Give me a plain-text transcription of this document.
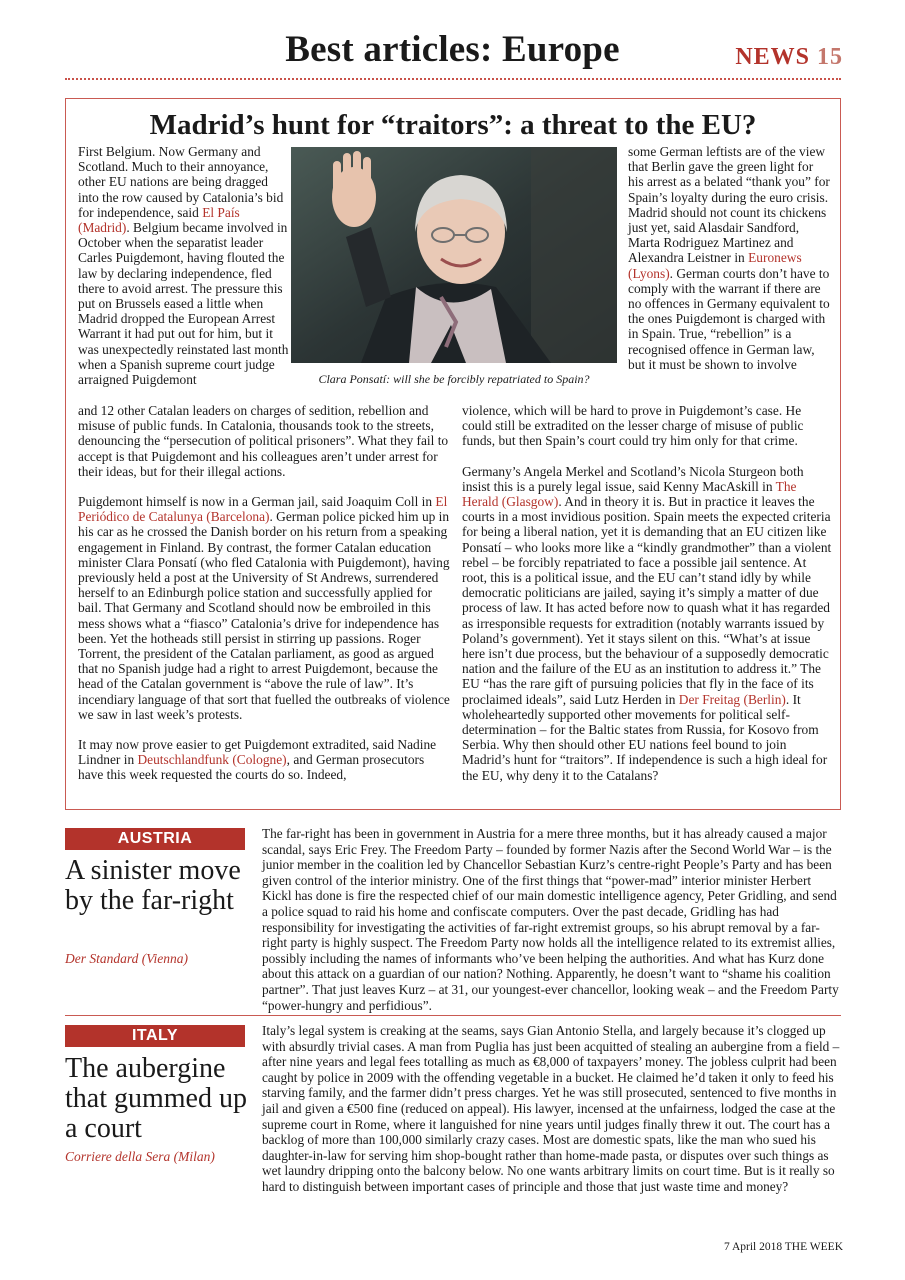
Best articles: Europe	NEWS 15
Madrid’s hunt for “traitors”: a threat to the EU?

First Belgium. Now Germany and Scotland. Much to their annoyance, other EU nations are being dragged into the row caused by Catalonia’s bid for independence, said El País (Madrid). Belgium became involved in October when the separatist leader Carles Puigdemont, having flouted the law by declaring independence, fled there to avoid arrest. The pressure this put on Brussels eased a little when Madrid dropped the European Arrest Warrant it had put out for him, but it was unexpectedly reinstated last month when a Spanish supreme court judge arraigned Puigdemont	Clara Ponsatí: will she be forcibly repatriated to Spain?

some German leftists are of the view that Berlin gave the green light for his arrest as a belated “thank you” for Spain’s loyalty during the euro crisis. Madrid should not count its chickens just yet, said Alasdair Sandford, Marta Rodriguez Martinez and Alexandra Leistner in Euronews (Lyons). German courts don’t have to comply with the warrant if there are no offences in Germany equivalent to the ones Puigdemont is charged with in Spain. True, “rebellion” is a recognised offence in German law, but it must be shown to involve

and 12 other Catalan leaders on charges of sedition, rebellion and misuse of public funds. In Catalonia, thousands took to the streets, denouncing the “persecution of political prisoners”. What they fail to accept is that Puigdemont and his colleagues aren’t under arrest for their ideas, but for their illegal actions.

Puigdemont himself is now in a German jail, said Joaquim Coll in El Periódico de Catalunya (Barcelona). German police picked him up in his car as he crossed the Danish border on his return from a speaking engagement in Finland. By contrast, the former Catalan education minister Clara Ponsatí (who fled Catalonia with Puigdemont), having previously held a post at the University of St Andrews, surrendered herself to an Edinburgh police station and successfully applied for bail. That Germany and Scotland should now be embroiled in this mess shows what a “fiasco” Catalonia’s drive for independence has been. Yet the hotheads still persist in stirring up passions. Roger Torrent, the president of the Catalan parliament, as good as argued that no Spanish judge had a right to arrest Puigdemont, because the head of the Catalan government is “above the rule of law”. It’s incendiary language of that sort that fuelled the outbreaks of violence we saw in last week’s protests.

It may now prove easier to get Puigdemont extradited, said Nadine Lindner in Deutschlandfunk (Cologne), and German prosecutors have this week requested the courts do so. Indeed,

violence, which will be hard to prove in Puigdemont’s case. He could still be extradited on the lesser charge of misuse of public funds, but then Spain’s court could try him only for that crime.

Germany’s Angela Merkel and Scotland’s Nicola Sturgeon both insist this is a purely legal issue, said Kenny MacAskill in The Herald (Glasgow). And in theory it is. But in practice it leaves the courts in a most invidious position. Spain meets the expected criteria for being a liberal nation, yet it is demanding that an EU citizen like Ponsatí – who looks more like a “kindly grandmother” than a violent rebel – be forcibly repatriated to face a possible jail sentence. At root, this is a political issue, and the EU can’t stand idly by while democratic politicians are jailed, saying it’s simply a matter of due process of law. It has acted before now to quash what it has regarded as irresponsible requests for extradition (notably warrants issued by Poland’s government). Yet it stays silent on this. “What’s at issue here isn’t due process, but the behaviour of a supposedly democratic nation and the failure of the EU as an institution to address it.” The EU “has the rare gift of pursuing policies that fly in the face of its proclaimed ideals”, said Lutz Herden in Der Freitag (Berlin). It wholeheartedly supported other movements for political self-determination – for the Baltic states from Russia, for Kosovo from Serbia. Why then should other EU nations feel bound to join Madrid’s hunt for “traitors”. If independence is such a high ideal for the EU, why deny it to the Catalans?

AUSTRIA
A sinister move by the far-right
Der Standard (Vienna)
The far-right has been in government in Austria for a mere three months, but it has already caused a major scandal, says Eric Frey. The Freedom Party – founded by former Nazis after the Second World War – is the junior member in the coalition led by Chancellor Sebastian Kurz’s centre-right People’s Party and has been given control of the interior ministry. One of the first things that “power-mad” interior minister Herbert Kickl has done is fire the respected chief of our main domestic intelligence agency, Peter Gridling, and send a police squad to raid his home and confiscate computers. Over the past decade, Gridling has had responsibility for investigating the activities of far-right extremist groups, so his abrupt removal by a far-right party is highly suspect. The Freedom Party now holds all the intelligence related to its extremist allies, possibly including the names of informants who’ve been helping the authorities. And what has Kurz done about this attack on a guardian of our nation? Nothing. Apparently, he doesn’t want to “shame his coalition partner”. That just leaves Kurz – at 31, our youngest-ever chancellor, looking weak – and the Freedom Party “power-hungry and perfidious”.
ITALY
The aubergine that gummed up a court
Corriere della Sera (Milan)
Italy’s legal system is creaking at the seams, says Gian Antonio Stella, and largely because it’s clogged up with absurdly trivial cases. A man from Puglia has just been acquitted of stealing an aubergine from a field – after nine years and legal fees totalling as much as €8,000 of taxpayers’ money. The jobless culprit had been caught by police in 2009 with the offending vegetable in a bucket. He claimed he’d taken it only to feed his starving family, and the farmer didn’t press charges. Yet he was still prosecuted, sentenced to five months in jail and given a €500 fine (reduced on appeal). His lawyer, incensed at the unfairness, lodged the case at the supreme court in Rome, where it languished for nine years until judges finally threw it out. The court has a backlog of more than 100,000 similarly crazy cases. Most are domestic spats, like the man who sued his daughter-in-law for serving him shop-bought rather than home-made pasta, or disputes over such things as wet laundry dripping onto the balcony below. No one wants arbitrary limits on court time. But is it really so hard to distinguish between important cases of principle and those that just waste time and money?
7 April 2018 THE WEEK
